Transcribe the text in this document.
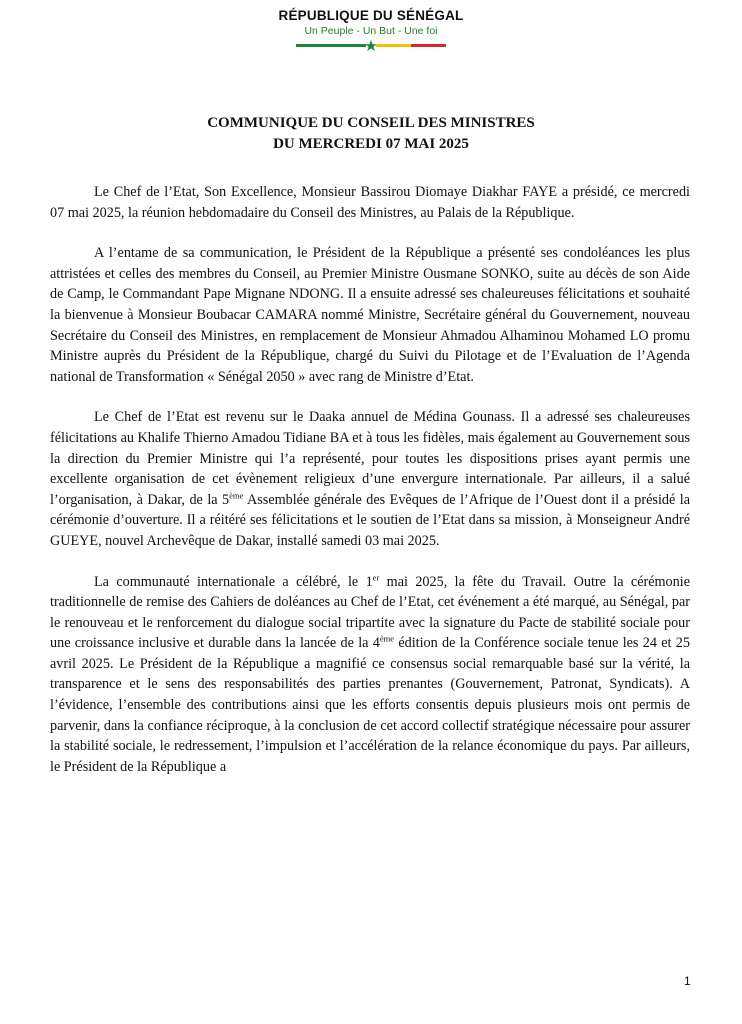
RÉPUBLIQUE DU SÉNÉGAL
Un Peuple - Un But - Une foi
COMMUNIQUE DU CONSEIL DES MINISTRES
DU MERCREDI 07 MAI 2025

Le Chef de l’Etat, Son Excellence, Monsieur Bassirou Diomaye Diakhar FAYE a présidé, ce mercredi 07 mai 2025, la réunion hebdomadaire du Conseil des Ministres, au Palais de la République.

A l’entame de sa communication, le Président de la République a présenté ses condoléances les plus attristées et celles des membres du Conseil, au Premier Ministre Ousmane SONKO, suite au décès de son Aide de Camp, le Commandant Pape Mignane NDONG. Il a ensuite adressé ses chaleureuses félicitations et souhaité la bienvenue à Monsieur Boubacar CAMARA nommé Ministre, Secrétaire général du Gouvernement, nouveau Secrétaire du Conseil des Ministres, en remplacement de Monsieur Ahmadou Alhaminou Mohamed LO promu Ministre auprès du Président de la République, chargé du Suivi du Pilotage et de l’Evaluation de l’Agenda national de Transformation « Sénégal 2050 » avec rang de Ministre d’Etat.

Le Chef de l’Etat est revenu sur le Daaka annuel de Médina Gounass. Il a adressé ses chaleureuses félicitations au Khalife Thierno Amadou Tidiane BA et à tous les fidèles, mais également au Gouvernement sous la direction du Premier Ministre qui l’a représenté, pour toutes les dispositions prises ayant permis une excellente organisation de cet évènement religieux d’une envergure internationale. Par ailleurs, il a salué l’organisation, à Dakar, de la 5ème Assemblée générale des Evêques de l’Afrique de l’Ouest dont il a présidé la cérémonie d’ouverture. Il a réitéré ses félicitations et le soutien de l’Etat dans sa mission, à Monseigneur André GUEYE, nouvel Archevêque de Dakar, installé samedi 03 mai 2025.

La communauté internationale a célébré, le 1er mai 2025, la fête du Travail. Outre la cérémonie traditionnelle de remise des Cahiers de doléances au Chef de l’Etat, cet événement a été marqué, au Sénégal, par le renouveau et le renforcement du dialogue social tripartite avec la signature du Pacte de stabilité sociale pour une croissance inclusive et durable dans la lancée de la 4ème édition de la Conférence sociale tenue les 24 et 25 avril 2025. Le Président de la République a magnifié ce consensus social remarquable basé sur la vérité, la transparence et le sens des responsabilités des parties prenantes (Gouvernement, Patronat, Syndicats). A l’évidence, l’ensemble des contributions ainsi que les efforts consentis depuis plusieurs mois ont permis de parvenir, dans la confiance réciproque, à la conclusion de cet accord collectif stratégique nécessaire pour assurer la stabilité sociale, le redressement, l’impulsion et l’accélération de la relance économique du pays. Par ailleurs, le Président de la République a

1
